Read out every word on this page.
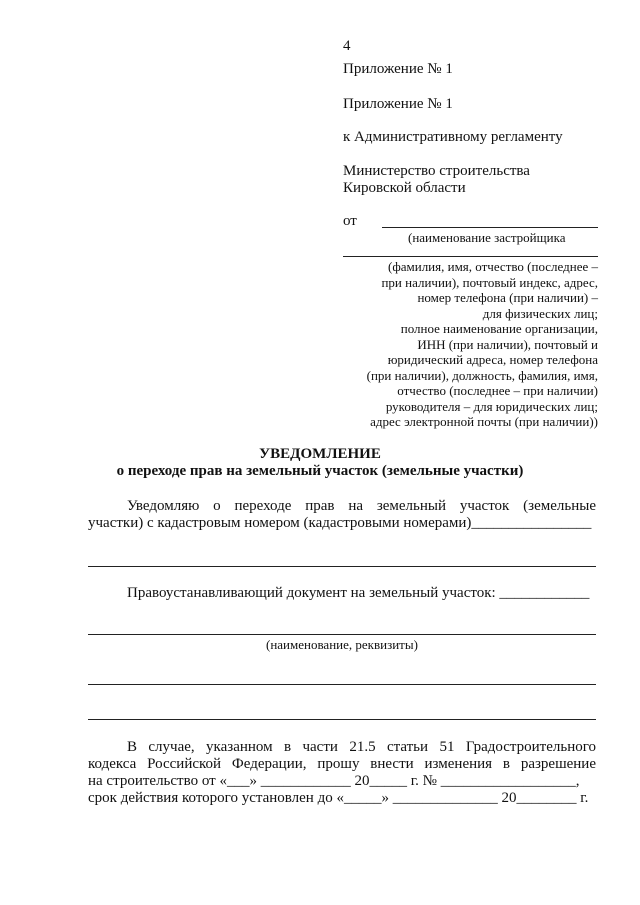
4
Приложение № 1
Приложение № 1
к Административному регламенту
Министерство строительства
Кировской области
от
(наименование застройщика
(фамилия, имя, отчество (последнее –
при наличии), почтовый индекс, адрес,
номер телефона (при наличии) –
для физических лиц;
полное наименование организации,
ИНН (при наличии), почтовый и
юридический адреса, номер телефона
(при наличии), должность, фамилия, имя,
отчество (последнее – при наличии)
руководителя – для юридических лиц;
адрес электронной почты (при наличии))
УВЕДОМЛЕНИЕ
о переходе прав на земельный участок (земельные участки)
Уведомляю о переходе прав на земельный участок (земельные
участки) с кадастровым номером (кадастровыми номерами)________________
Правоустанавливающий документ на земельный участок: ____________
(наименование, реквизиты)
В случае, указанном в части 21.5 статьи 51 Градостроительного
кодекса Российской Федерации, прошу внести изменения в разрешение
на строительство от «___» ____________ 20_____ г. № __________________,
срок действия которого установлен до «_____» ______________ 20________ г.
